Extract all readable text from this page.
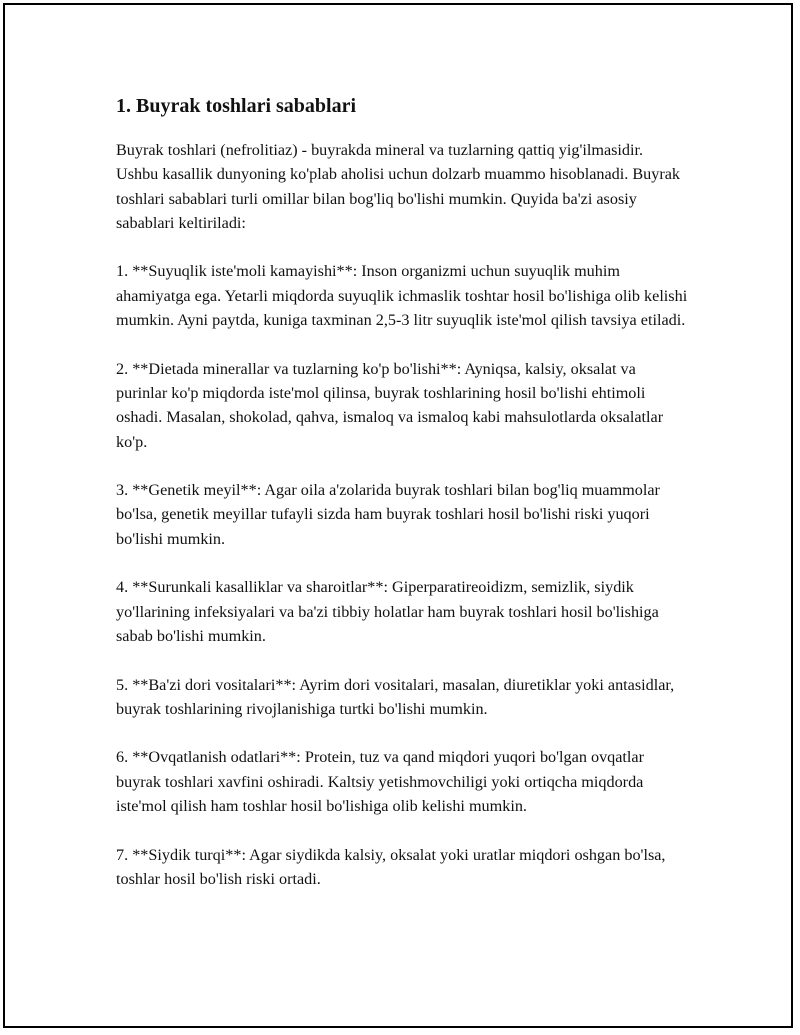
1. Buyrak toshlari sabablari

Buyrak toshlari (nefrolitiaz) - buyrakda mineral va tuzlarning qattiq yig'ilmasidir. Ushbu kasallik dunyoning ko'plab aholisi uchun dolzarb muammo hisoblanadi. Buyrak toshlari sabablari turli omillar bilan bog'liq bo'lishi mumkin. Quyida ba'zi asosiy sabablari keltiriladi:

1. **Suyuqlik iste'moli kamayishi**: Inson organizmi uchun suyuqlik muhim ahamiyatga ega. Yetarli miqdorda suyuqlik ichmaslik toshtar hosil bo'lishiga olib kelishi mumkin. Ayni paytda, kuniga taxminan 2,5-3 litr suyuqlik iste'mol qilish tavsiya etiladi.

2. **Dietada minerallar va tuzlarning ko'p bo'lishi**: Ayniqsa, kalsiy, oksalat va purinlar ko'p miqdorda iste'mol qilinsa, buyrak toshlarining hosil bo'lishi ehtimoli oshadi. Masalan, shokolad, qahva, ismaloq va ismaloq kabi mahsulotlarda oksalatlar ko'p.

3. **Genetik meyil**: Agar oila a'zolarida buyrak toshlari bilan bog'liq muammolar bo'lsa, genetik meyillar tufayli sizda ham buyrak toshlari hosil bo'lishi riski yuqori bo'lishi mumkin.

4. **Surunkali kasalliklar va sharoitlar**: Giperparatireoidizm, semizlik, siydik yo'llarining infeksiyalari va ba'zi tibbiy holatlar ham buyrak toshlari hosil bo'lishiga sabab bo'lishi mumkin.

5. **Ba'zi dori vositalari**: Ayrim dori vositalari, masalan, diuretiklar yoki antasidlar, buyrak toshlarining rivojlanishiga turtki bo'lishi mumkin.

6. **Ovqatlanish odatlari**: Protein, tuz va qand miqdori yuqori bo'lgan ovqatlar buyrak toshlari xavfini oshiradi. Kaltsiy yetishmovchiligi yoki ortiqcha miqdorda iste'mol qilish ham toshlar hosil bo'lishiga olib kelishi mumkin.

7. **Siydik turqi**: Agar siydikda kalsiy, oksalat yoki uratlar miqdori oshgan bo'lsa, toshlar hosil bo'lish riski ortadi.
